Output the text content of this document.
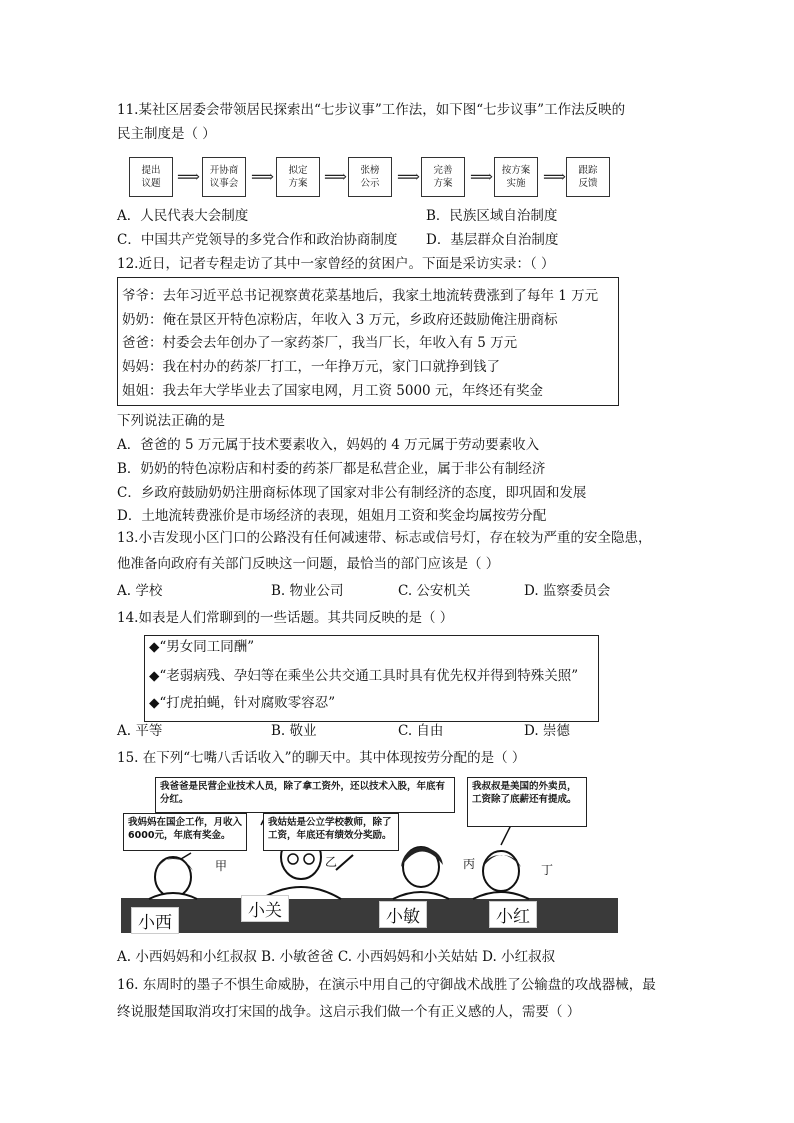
11.某社区居委会带领居民探索出“七步议事”工作法，如下图“七步议事”工作法反映的
民主制度是（ ）
提出
议题	⟹	开协商
议事会 ⟹	拟定
方案	⟹	张榜
公示	⟹	完善
方案	⟹ 按方案
实施	⟹	跟踪
反馈
A．人民代表大会制度	B．民族区域自治制度
C．中国共产党领导的多党合作和政治协商制度 D．基层群众自治制度
12.近日，记者专程走访了其中一家曾经的贫困户。下面是采访实录：（ ）
爷爷：去年习近平总书记视察黄花菜基地后，我家土地流转费涨到了每年 1 万元
奶奶：俺在景区开特色凉粉店，年收入 3 万元，乡政府还鼓励俺注册商标
爸爸：村委会去年创办了一家药茶厂，我当厂长，年收入有 5 万元
妈妈：我在村办的药茶厂打工，一年挣万元，家门口就挣到钱了
姐姐：我去年大学毕业去了国家电网，月工资 5000 元，年终还有奖金
下列说法正确的是
A．爸爸的 5 万元属于技术要素收入，妈妈的 4 万元属于劳动要素收入
B．奶奶的特色凉粉店和村委的药茶厂都是私营企业，属于非公有制经济
C．乡政府鼓励奶奶注册商标体现了国家对非公有制经济的态度，即巩固和发展
D．土地流转费涨价是市场经济的表现，姐姐月工资和奖金均属按劳分配
13.小吉发现小区门口的公路没有任何减速带、标志或信号灯，存在较为严重的安全隐患，
他准备向政府有关部门反映这一问题，最恰当的部门应该是（ ）
A. 学校	B. 物业公司	C. 公安机关	D. 监察委员会
14.如表是人们常聊到的一些话题。其共同反映的是（ ）
◆“男女同工同酬”
◆“老弱病残、孕妇等在乘坐公共交通工具时具有优先权并得到特殊关照”
◆“打虎拍蝇，针对腐败零容忍”
A. 平等	B. 敬业	C. 自由	D. 崇德
15. 在下列“七嘴八舌话收入”的聊天中。其中体现按劳分配的是（ ）
我爸爸是民营企业技术人员，除了拿工资外，还以技术入股，年底有分红。
我叔叔是美国的外卖员，工资除了底薪还有提成。
我妈妈在国企工作，月收入6000元，年底有奖金。
我姑姑是公立学校教师，除了工资，年底还有绩效分奖励。
甲	乙	丙	丁
小西
小关	小敏	小红
A. 小西妈妈和小红叔叔 B. 小敏爸爸 C. 小西妈妈和小关姑姑 D. 小红叔叔
16. 东周时的墨子不惧生命威胁，在演示中用自己的守御战术战胜了公输盘的攻战器械，最
终说服楚国取消攻打宋国的战争。这启示我们做一个有正义感的人，需要（ ）
